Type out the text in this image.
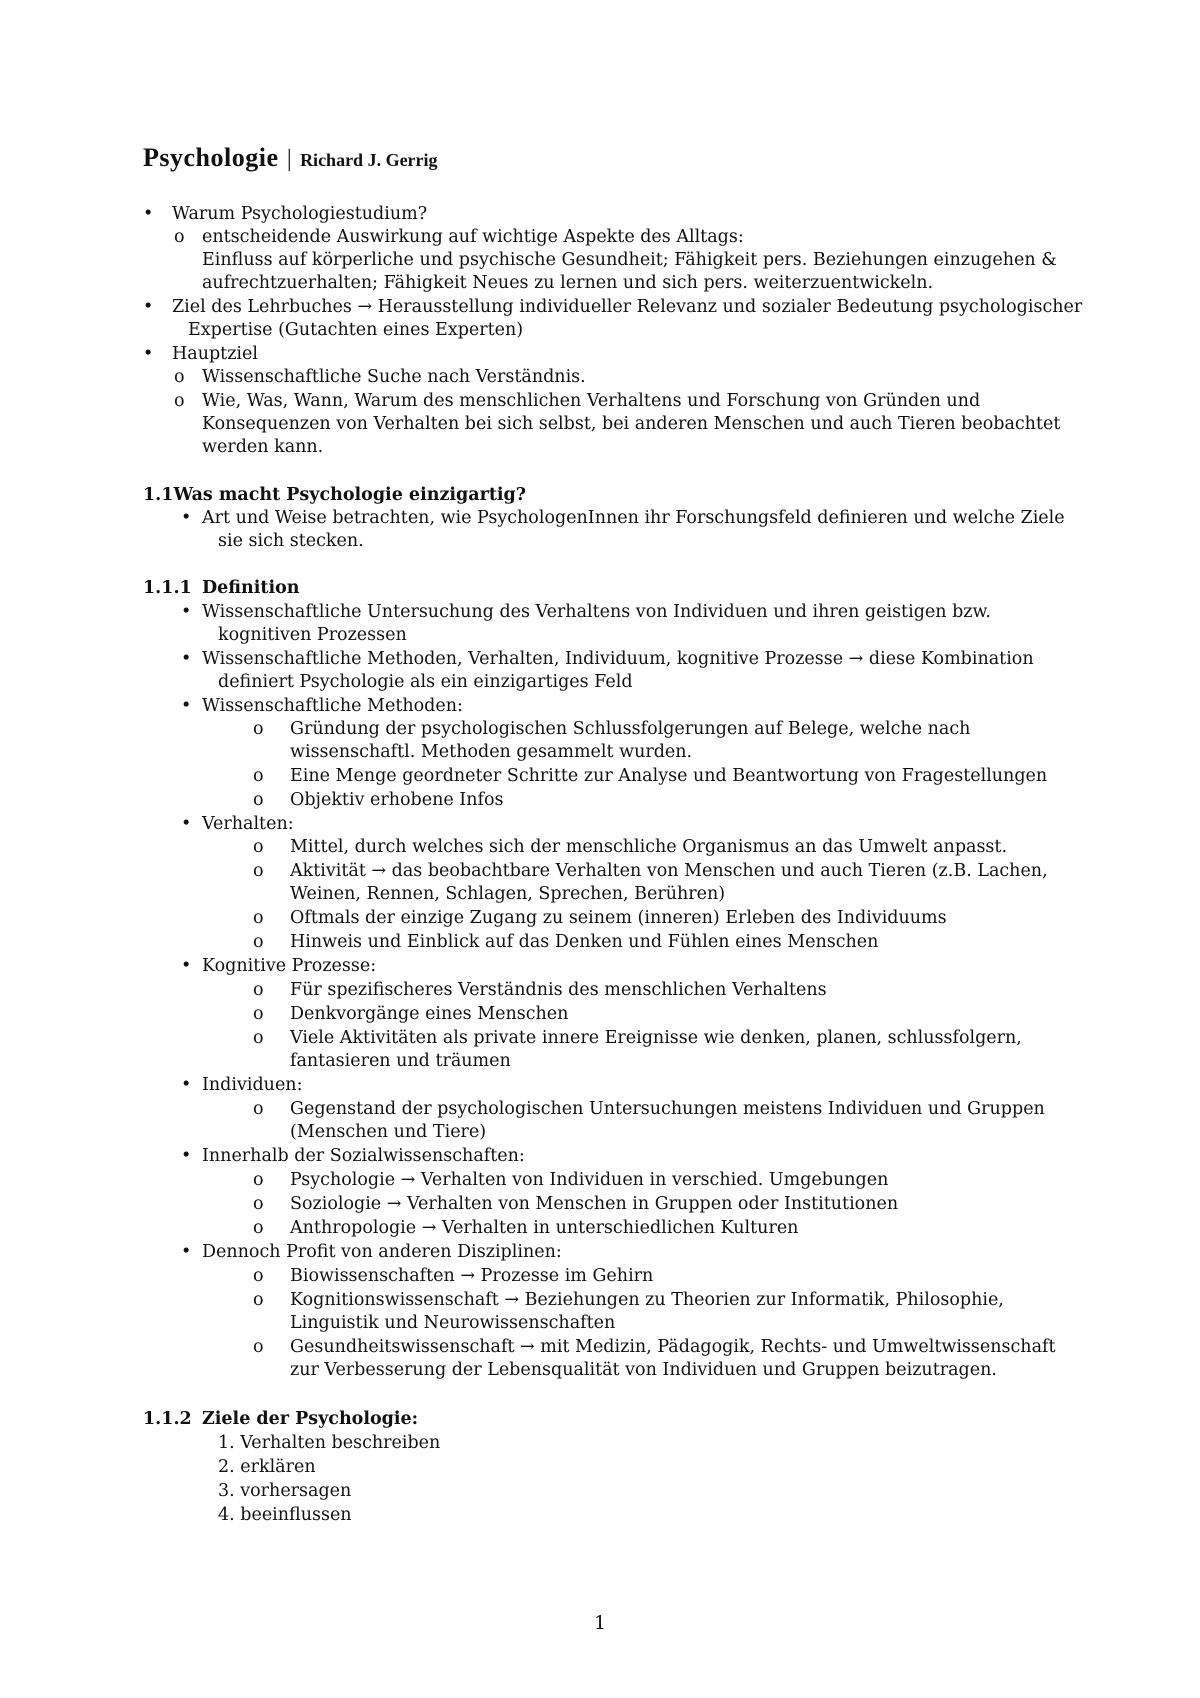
Psychologie | Richard J. Gerrig
• Warum Psychologiestudium?
o entscheidende Auswirkung auf wichtige Aspekte des Alltags:
Einfluss auf körperliche und psychische Gesundheit; Fähigkeit pers. Beziehungen einzugehen &
aufrechtzuerhalten; Fähigkeit Neues zu lernen und sich pers. weiterzuentwickeln.
• Ziel des Lehrbuches → Herausstellung individueller Relevanz und sozialer Bedeutung psychologischer
Expertise (Gutachten eines Experten)
• Hauptziel
o Wissenschaftliche Suche nach Verständnis.
o Wie, Was, Wann, Warum des menschlichen Verhaltens und Forschung von Gründen und
Konsequenzen von Verhalten bei sich selbst, bei anderen Menschen und auch Tieren beobachtet
werden kann.
1.1Was macht Psychologie einzigartig?
• Art und Weise betrachten, wie PsychologenInnen ihr Forschungsfeld definieren und welche Ziele
sie sich stecken.
1.1.1 Definition
• Wissenschaftliche Untersuchung des Verhaltens von Individuen und ihren geistigen bzw.
kognitiven Prozessen
• Wissenschaftliche Methoden, Verhalten, Individuum, kognitive Prozesse → diese Kombination
definiert Psychologie als ein einzigartiges Feld
• Wissenschaftliche Methoden:
o Gründung der psychologischen Schlussfolgerungen auf Belege, welche nach
wissenschaftl. Methoden gesammelt wurden.
o Eine Menge geordneter Schritte zur Analyse und Beantwortung von Fragestellungen
o Objektiv erhobene Infos
• Verhalten:
o Mittel, durch welches sich der menschliche Organismus an das Umwelt anpasst.
o Aktivität → das beobachtbare Verhalten von Menschen und auch Tieren (z.B. Lachen,
Weinen, Rennen, Schlagen, Sprechen, Berühren)
o Oftmals der einzige Zugang zu seinem (inneren) Erleben des Individuums
o Hinweis und Einblick auf das Denken und Fühlen eines Menschen
• Kognitive Prozesse:
o Für spezifischeres Verständnis des menschlichen Verhaltens
o Denkvorgänge eines Menschen
o Viele Aktivitäten als private innere Ereignisse wie denken, planen, schlussfolgern,
fantasieren und träumen
• Individuen:
o Gegenstand der psychologischen Untersuchungen meistens Individuen und Gruppen
(Menschen und Tiere)
• Innerhalb der Sozialwissenschaften:
o Psychologie → Verhalten von Individuen in verschied. Umgebungen
o Soziologie → Verhalten von Menschen in Gruppen oder Institutionen
o Anthropologie → Verhalten in unterschiedlichen Kulturen
• Dennoch Profit von anderen Disziplinen:
o Biowissenschaften → Prozesse im Gehirn
o Kognitionswissenschaft → Beziehungen zu Theorien zur Informatik, Philosophie,
Linguistik und Neurowissenschaften
o Gesundheitswissenschaft → mit Medizin, Pädagogik, Rechts- und Umweltwissenschaft
zur Verbesserung der Lebensqualität von Individuen und Gruppen beizutragen.
1.1.2 Ziele der Psychologie:
1. Verhalten beschreiben
2. erklären
3. vorhersagen
4. beeinflussen
1
